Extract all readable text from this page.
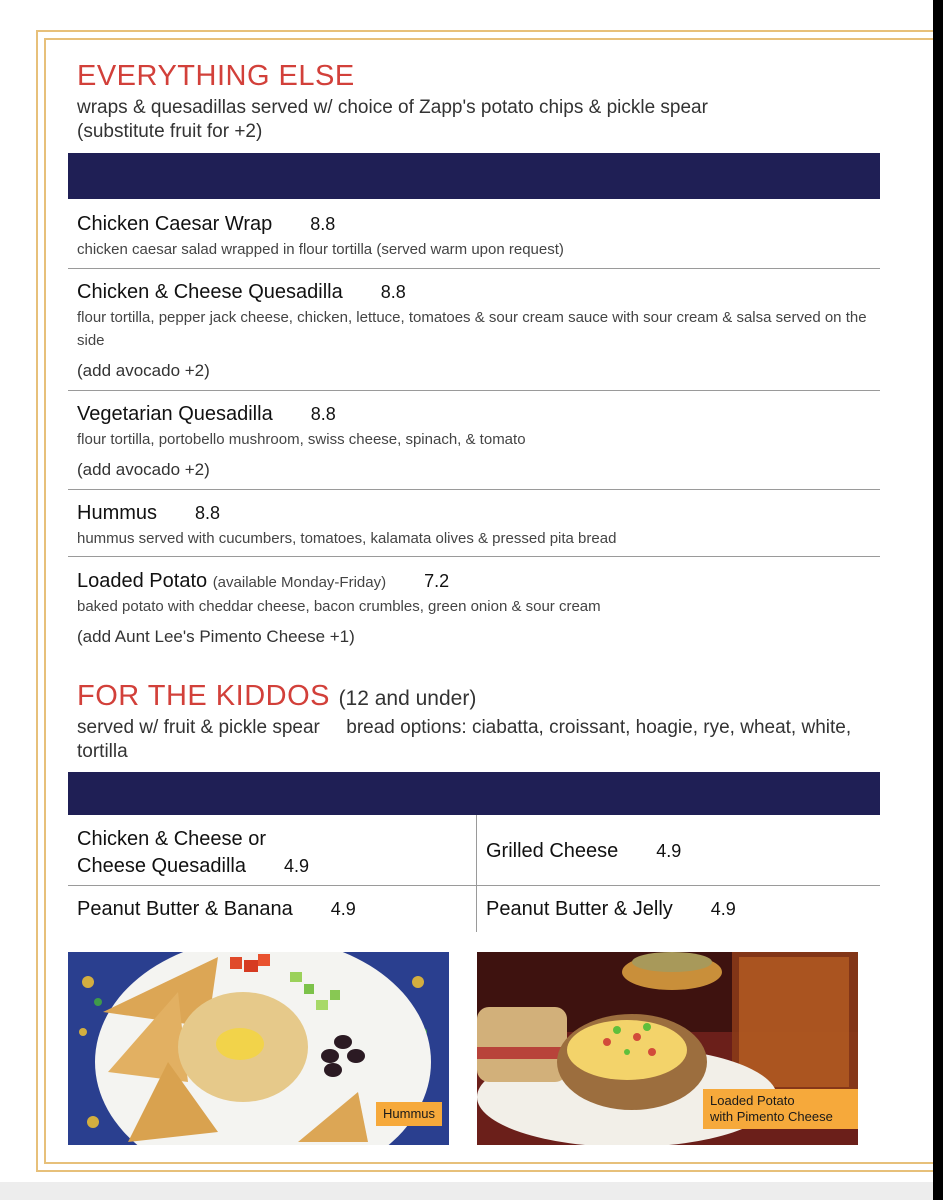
EVERYTHING ELSE
wraps & quesadillas served w/ choice of Zapp's potato chips & pickle spear
(substitute fruit for +2)
Chicken Caesar Wrap 8.8
chicken caesar salad wrapped in flour tortilla (served warm upon request)
Chicken & Cheese Quesadilla 8.8
flour tortilla, pepper jack cheese, chicken, lettuce, tomatoes & sour cream sauce with sour cream & salsa served on the side
(add avocado +2)
Vegetarian Quesadilla 8.8
flour tortilla, portobello mushroom, swiss cheese, spinach, & tomato
(add avocado +2)
Hummus 8.8
hummus served with cucumbers, tomatoes, kalamata olives & pressed pita bread
Loaded Potato (available Monday-Friday) 7.2
baked potato with cheddar cheese, bacon crumbles, green onion & sour cream
(add Aunt Lee's Pimento Cheese +1)
FOR THE KIDDOS (12 and under)
served w/ fruit & pickle spear     bread options: ciabatta, croissant, hoagie, rye, wheat, white, tortilla
Chicken & Cheese or
Cheese Quesadilla 4.9
Grilled Cheese 4.9
Peanut Butter & Banana 4.9	Peanut Butter & Jelly 4.9
Hummus
Loaded Potato
with Pimento Cheese
